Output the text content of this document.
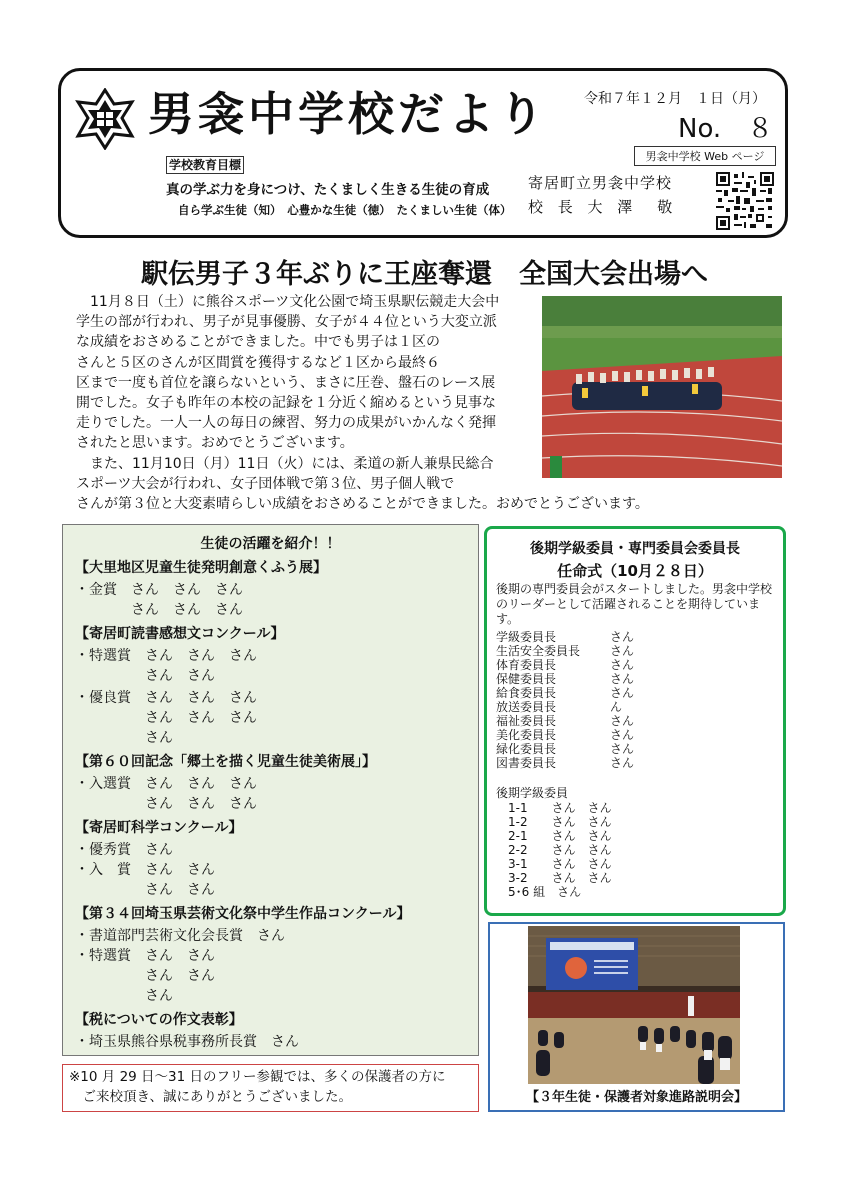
男衾中学校だより	令和７年１２月　１日（月）
No.　８
男衾中学校 Web ページ
学校教育目標
真の学ぶ力を身につけ、たくましく生きる生徒の育成
自ら学ぶ生徒（知）　心豊かな生徒（徳）　たくましい生徒（体）
寄居町立男衾中学校
校 長 大 澤　敬
駅伝男子３年ぶりに王座奪還　全国大会出場へ
　11月８日（土）に熊谷スポーツ文化公園で埼玉県駅伝競走大会中
学生の部が行われ、男子が見事優勝、女子が４４位という大変立派
な成績をおさめることができました。中でも男子は１区の
さんと５区のさんが区間賞を獲得するなど１区から最終６
区まで一度も首位を譲らないという、まさに圧巻、盤石のレース展
開でした。女子も昨年の本校の記録を１分近く縮めるという見事な
走りでした。一人一人の毎日の練習、努力の成果がいかんなく発揮
されたと思います。おめでとうございます。
　また、11月10日（月）11日（火）には、柔道の新人兼県民総合
スポーツ大会が行われ、女子団体戦で第３位、男子個人戦で
さんが第３位と大変素晴らしい成績をおさめることができました。おめでとうございます。
生徒の活躍を紹介！！
【大里地区児童生徒発明創意くふう展】
・金賞　さん　さん　さん
　　　　さん　さん　さん
【寄居町読書感想文コンクール】
・特選賞　さん　さん　さん
　　　　　さん　さん
・優良賞　さん　さん　さん
　　　　　さん　さん　さん
　　　　　さん
【第６０回記念「郷土を描く児童生徒美術展」】
・入選賞　さん　さん　さん
　　　　　さん　さん　さん
【寄居町科学コンクール】
・優秀賞　さん
・入　賞　さん　さん
　　　　　さん　さん
【第３４回埼玉県芸術文化祭中学生作品コンクール】
・書道部門芸術文化会長賞　さん
・特選賞　さん　さん
　　　　　さん　さん
　　　　　さん
【税についての作文表彰】
・埼玉県熊谷県税事務所長賞　さん
※10 月 29 日～31 日のフリー参観では、多くの保護者の方に
　ご来校頂き、誠にありがとうございました。
後期学級委員・専門委員会委員長
任命式（10月２８日）
後期の専門委員会がスタートしました。男衾中学校のリーダーとして活躍されることを期待しています。
学級委員長	さん
生活安全委員長 さん
体育委員長	さん
保健委員長	さん
給食委員長	さん
放送委員長	ん
福祉委員長	さん
美化委員長	さん
緑化委員長	さん
図書委員長	さん
後期学級委員
1-1　　さん　さん
1-2　　さん　さん
2-1　　さん　さん
2-2　　さん　さん
3-1　　さん　さん
3-2　　さん　さん
5･6 組　さん
【３年生徒・保護者対象進路説明会】
